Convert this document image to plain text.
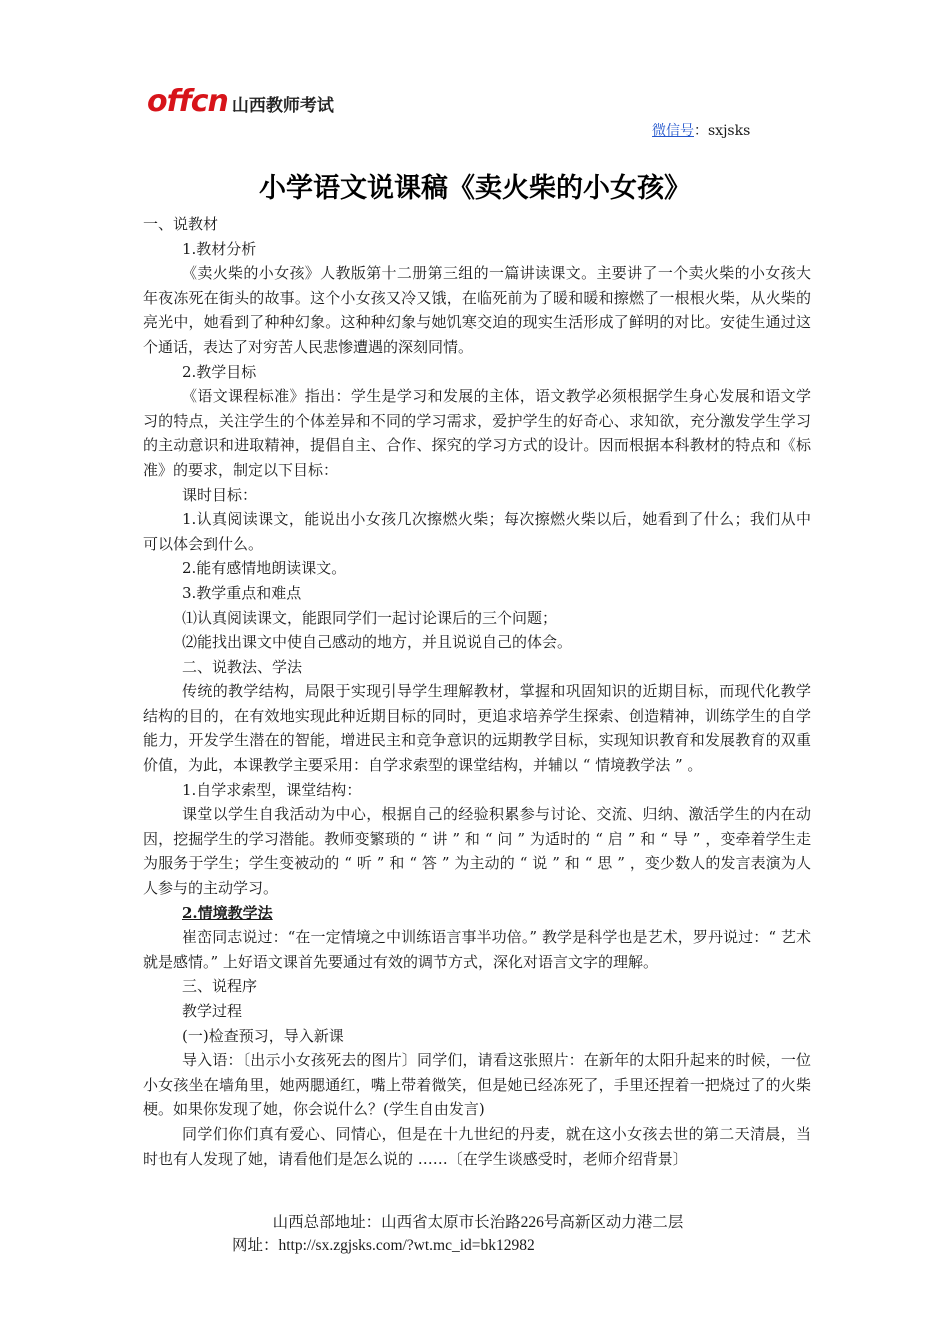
offcn 山西教师考试
微信号：sxjsks
小学语文说课稿《卖火柴的小女孩》

一、说教材

1.教材分析

《卖火柴的小女孩》人教版第十二册第三组的一篇讲读课文。主要讲了一个卖火柴的小女孩大年夜冻死在街头的故事。这个小女孩又冷又饿，在临死前为了暖和暖和擦燃了一根根火柴，从火柴的亮光中，她看到了种种幻象。这种种幻象与她饥寒交迫的现实生活形成了鲜明的对比。安徒生通过这个通话，表达了对穷苦人民悲惨遭遇的深刻同情。

2.教学目标

《语文课程标准》指出：学生是学习和发展的主体，语文教学必须根据学生身心发展和语文学习的特点，关注学生的个体差异和不同的学习需求，爱护学生的好奇心、求知欲，充分激发学生学习的主动意识和进取精神，提倡自主、合作、探究的学习方式的设计。因而根据本科教材的特点和《标准》的要求，制定以下目标：

课时目标：

1.认真阅读课文，能说出小女孩几次擦燃火柴；每次擦燃火柴以后，她看到了什么；我们从中可以体会到什么。

2.能有感情地朗读课文。

3.教学重点和难点

⑴认真阅读课文，能跟同学们一起讨论课后的三个问题；

⑵能找出课文中使自己感动的地方，并且说说自己的体会。

二、说教法、学法

传统的教学结构，局限于实现引导学生理解教材，掌握和巩固知识的近期目标，而现代化教学结构的目的，在有效地实现此种近期目标的同时，更追求培养学生探索、创造精神，训练学生的自学能力，开发学生潜在的智能，增进民主和竞争意识的远期教学目标，实现知识教育和发展教育的双重价值，为此，本课教学主要采用：自学求索型的课堂结构，并辅以 “ 情境教学法 ” 。

1.自学求索型，课堂结构：

课堂以学生自我活动为中心，根据自己的经验积累参与讨论、交流、归纳、激活学生的内在动因，挖掘学生的学习潜能。教师变繁琐的 “ 讲 ” 和 “ 问 ” 为适时的 “ 启 ” 和 “ 导 ” ，变牵着学生走为服务于学生；学生变被动的 “ 听 ” 和 “ 答 ” 为主动的 “ 说 ” 和 “ 思 ” ，变少数人的发言表演为人人参与的主动学习。

2.情境教学法

崔峦同志说过：“在一定情境之中训练语言事半功倍。” 教学是科学也是艺术，罗丹说过：“ 艺术就是感情。” 上好语文课首先要通过有效的调节方式，深化对语言文字的理解。

三、说程序

教学过程

(一)检查预习，导入新课

导入语：〔出示小女孩死去的图片〕同学们，请看这张照片：在新年的太阳升起来的时候，一位小女孩坐在墙角里，她两腮通红，嘴上带着微笑，但是她已经冻死了，手里还捏着一把烧过了的火柴梗。如果你发现了她，你会说什么？(学生自由发言)

同学们你们真有爱心、同情心，但是在十九世纪的丹麦，就在这小女孩去世的第二天清晨，当时也有人发现了她，请看他们是怎么说的 ……〔在学生谈感受时，老师介绍背景〕

山西总部地址：山西省太原市长治路226号高新区动力港二层
网址：http://sx.zgjsks.com/?wt.mc_id=bk12982
